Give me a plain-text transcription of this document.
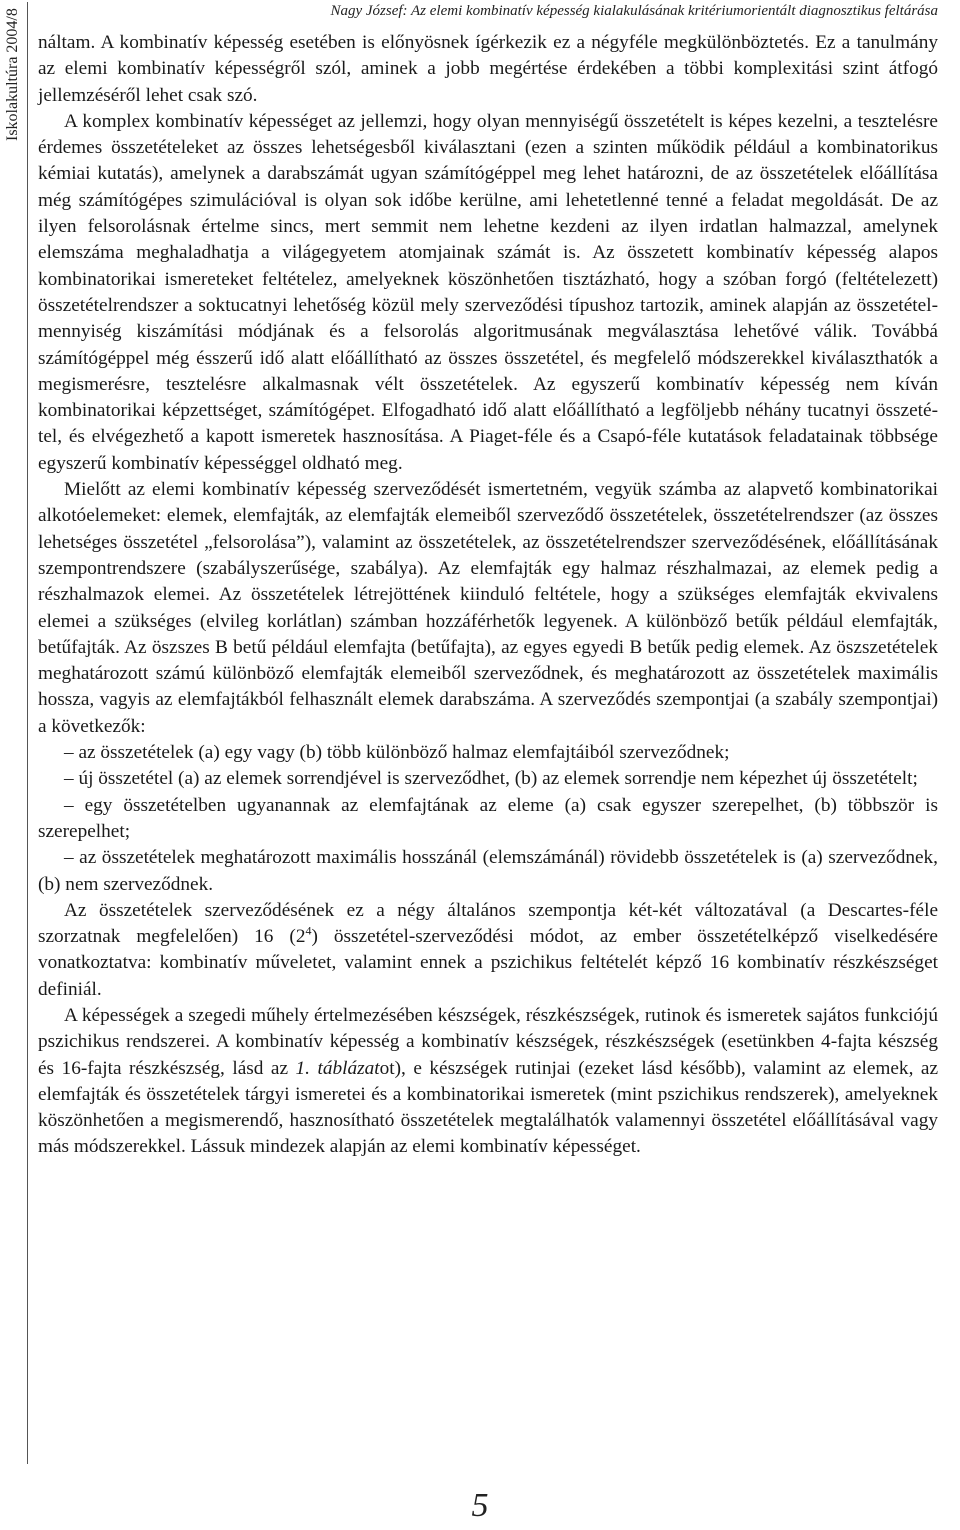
Nagy József: Az elemi kombinatív képesség kialakulásának kritériumorientált diagnosztikus feltárása
Iskolakultúra 2004/8 náltam. A kombinatív képesség esetében is előnyösnek ígérkezik ez a négyféle megkülönböztetés. Ez a tanulmány az elemi kombinatív képességről szól, aminek a jobb megértése érdekében a többi komplexitási szint átfogó jellemzéséről lehet csak szó.

A komplex kombinatív képességet az jellemzi, hogy olyan mennyiségű összetételt is képes kezelni, a tesztelésre érdemes összetételeket az összes lehetségesből kiválasztani (ezen a szinten működik például a kombinatorikus kémiai kutatás), amelynek a darabszámát ugyan számítógéppel meg lehet határozni, de az összetételek előállítása még számítógépes szimulációval is olyan sok időbe kerülne, ami lehetetlenné tenné a feladat megoldását. De az ilyen felsorolásnak értelme sincs, mert semmit nem lehetne kezdeni az ilyen irdatlan halmazzal, amelynek elemszáma meghaladhatja a világegyetem atomjainak számát is. Az összetett kombinatív képesség alapos kombinatorikai ismereteket feltételez, amelyeknek köszönhetően tisztázható, hogy a szóban forgó (feltételezett) összetételrendszer a soktucatnyi lehetőség közül mely szerveződési típushoz tartozik, aminek alapján az összetétel-mennyiség kiszámítási módjának és a felsorolás algoritmusának megválasztása lehetővé válik. Továbbá számítógéppel még ésszerű idő alatt előállítható az összes összetétel, és megfelelő módszerekkel kiválaszthatók a megismerésre, tesztelésre alkalmasnak vélt összetételek. Az egyszerű kombinatív képesség nem kíván kombinatorikai képzettséget, számítógépet. Elfogadható idő alatt előállítható a legföljebb néhány tucatnyi összetétel, és elvégezhető a kapott ismeretek hasznosítása. A Piaget-féle és a Csapó-féle kutatások feladatainak többsége egyszerű kombinatív képességgel oldható meg.

Mielőtt az elemi kombinatív képesség szerveződését ismertetném, vegyük számba az alapvető kombinatorikai alkotóelemeket: elemek, elemfajták, az elemfajták elemeiből szerveződő összetételek, összetételrendszer (az összes lehetséges összetétel „felsorolása”), valamint az összetételek, az összetételrendszer szerveződésének, előállításának szempontrendszere (szabályszerűsége, szabálya). Az elemfajták egy halmaz részhalmazai, az elemek pedig a részhalmazok elemei. Az összetételek létrejöttének kiinduló feltétele, hogy a szükséges elemfajták ekvivalens elemei a szükséges (elvileg korlátlan) számban hozzáférhetők legyenek. A különböző betűk például elemfajták, betűfajták. Az öszszes B betű például elemfajta (betűfajta), az egyes egyedi B betűk pedig elemek. Az öszszetételek meghatározott számú különböző elemfajták elemeiből szerveződnek, és meghatározott az összetételek maximális hossza, vagyis az elemfajtákból felhasznált elemek darabszáma. A szerveződés szempontjai (a szabály szempontjai) a következők:

– az összetételek (a) egy vagy (b) több különböző halmaz elemfajtáiból szerveződnek;

– új összetétel (a) az elemek sorrendjével is szerveződhet, (b) az elemek sorrendje nem képezhet új összetételt;

– egy összetételben ugyanannak az elemfajtának az eleme (a) csak egyszer szerepelhet, (b) többször is szerepelhet;

– az összetételek meghatározott maximális hosszánál (elemszámánál) rövidebb összetételek is (a) szerveződnek, (b) nem szerveződnek.

Az összetételek szerveződésének ez a négy általános szempontja két-két változatával (a Descartes-féle szorzatnak megfelelően) 16 $(2^4)$ összetétel-szerveződési módot, az ember összetételképző viselkedésére vonatkoztatva: kombinatív műveletet, valamint ennek a pszichikus feltételét képző 16 kombinatív részkészséget definiál.

A képességek a szegedi műhely értelmezésében készségek, részkészségek, rutinok és ismeretek sajátos funkciójú pszichikus rendszerei. A kombinatív képesség a kombinatív készségek, részkészségek (esetünkben 4-fajta készség és 16-fajta részkészség, lásd az 1. táblázatot), e készségek rutinjai (ezeket lásd később), valamint az elemek, az elemfajták és összetételek tárgyi ismeretei és a kombinatorikai ismeretek (mint pszichikus rendszerek), amelyeknek köszönhetően a megismerendő, hasznosítható összetételek megtalálhatók valamennyi összetétel előállításával vagy más módszerekkel. Lássuk mindezek alapján az elemi kombinatív képességet.

5
